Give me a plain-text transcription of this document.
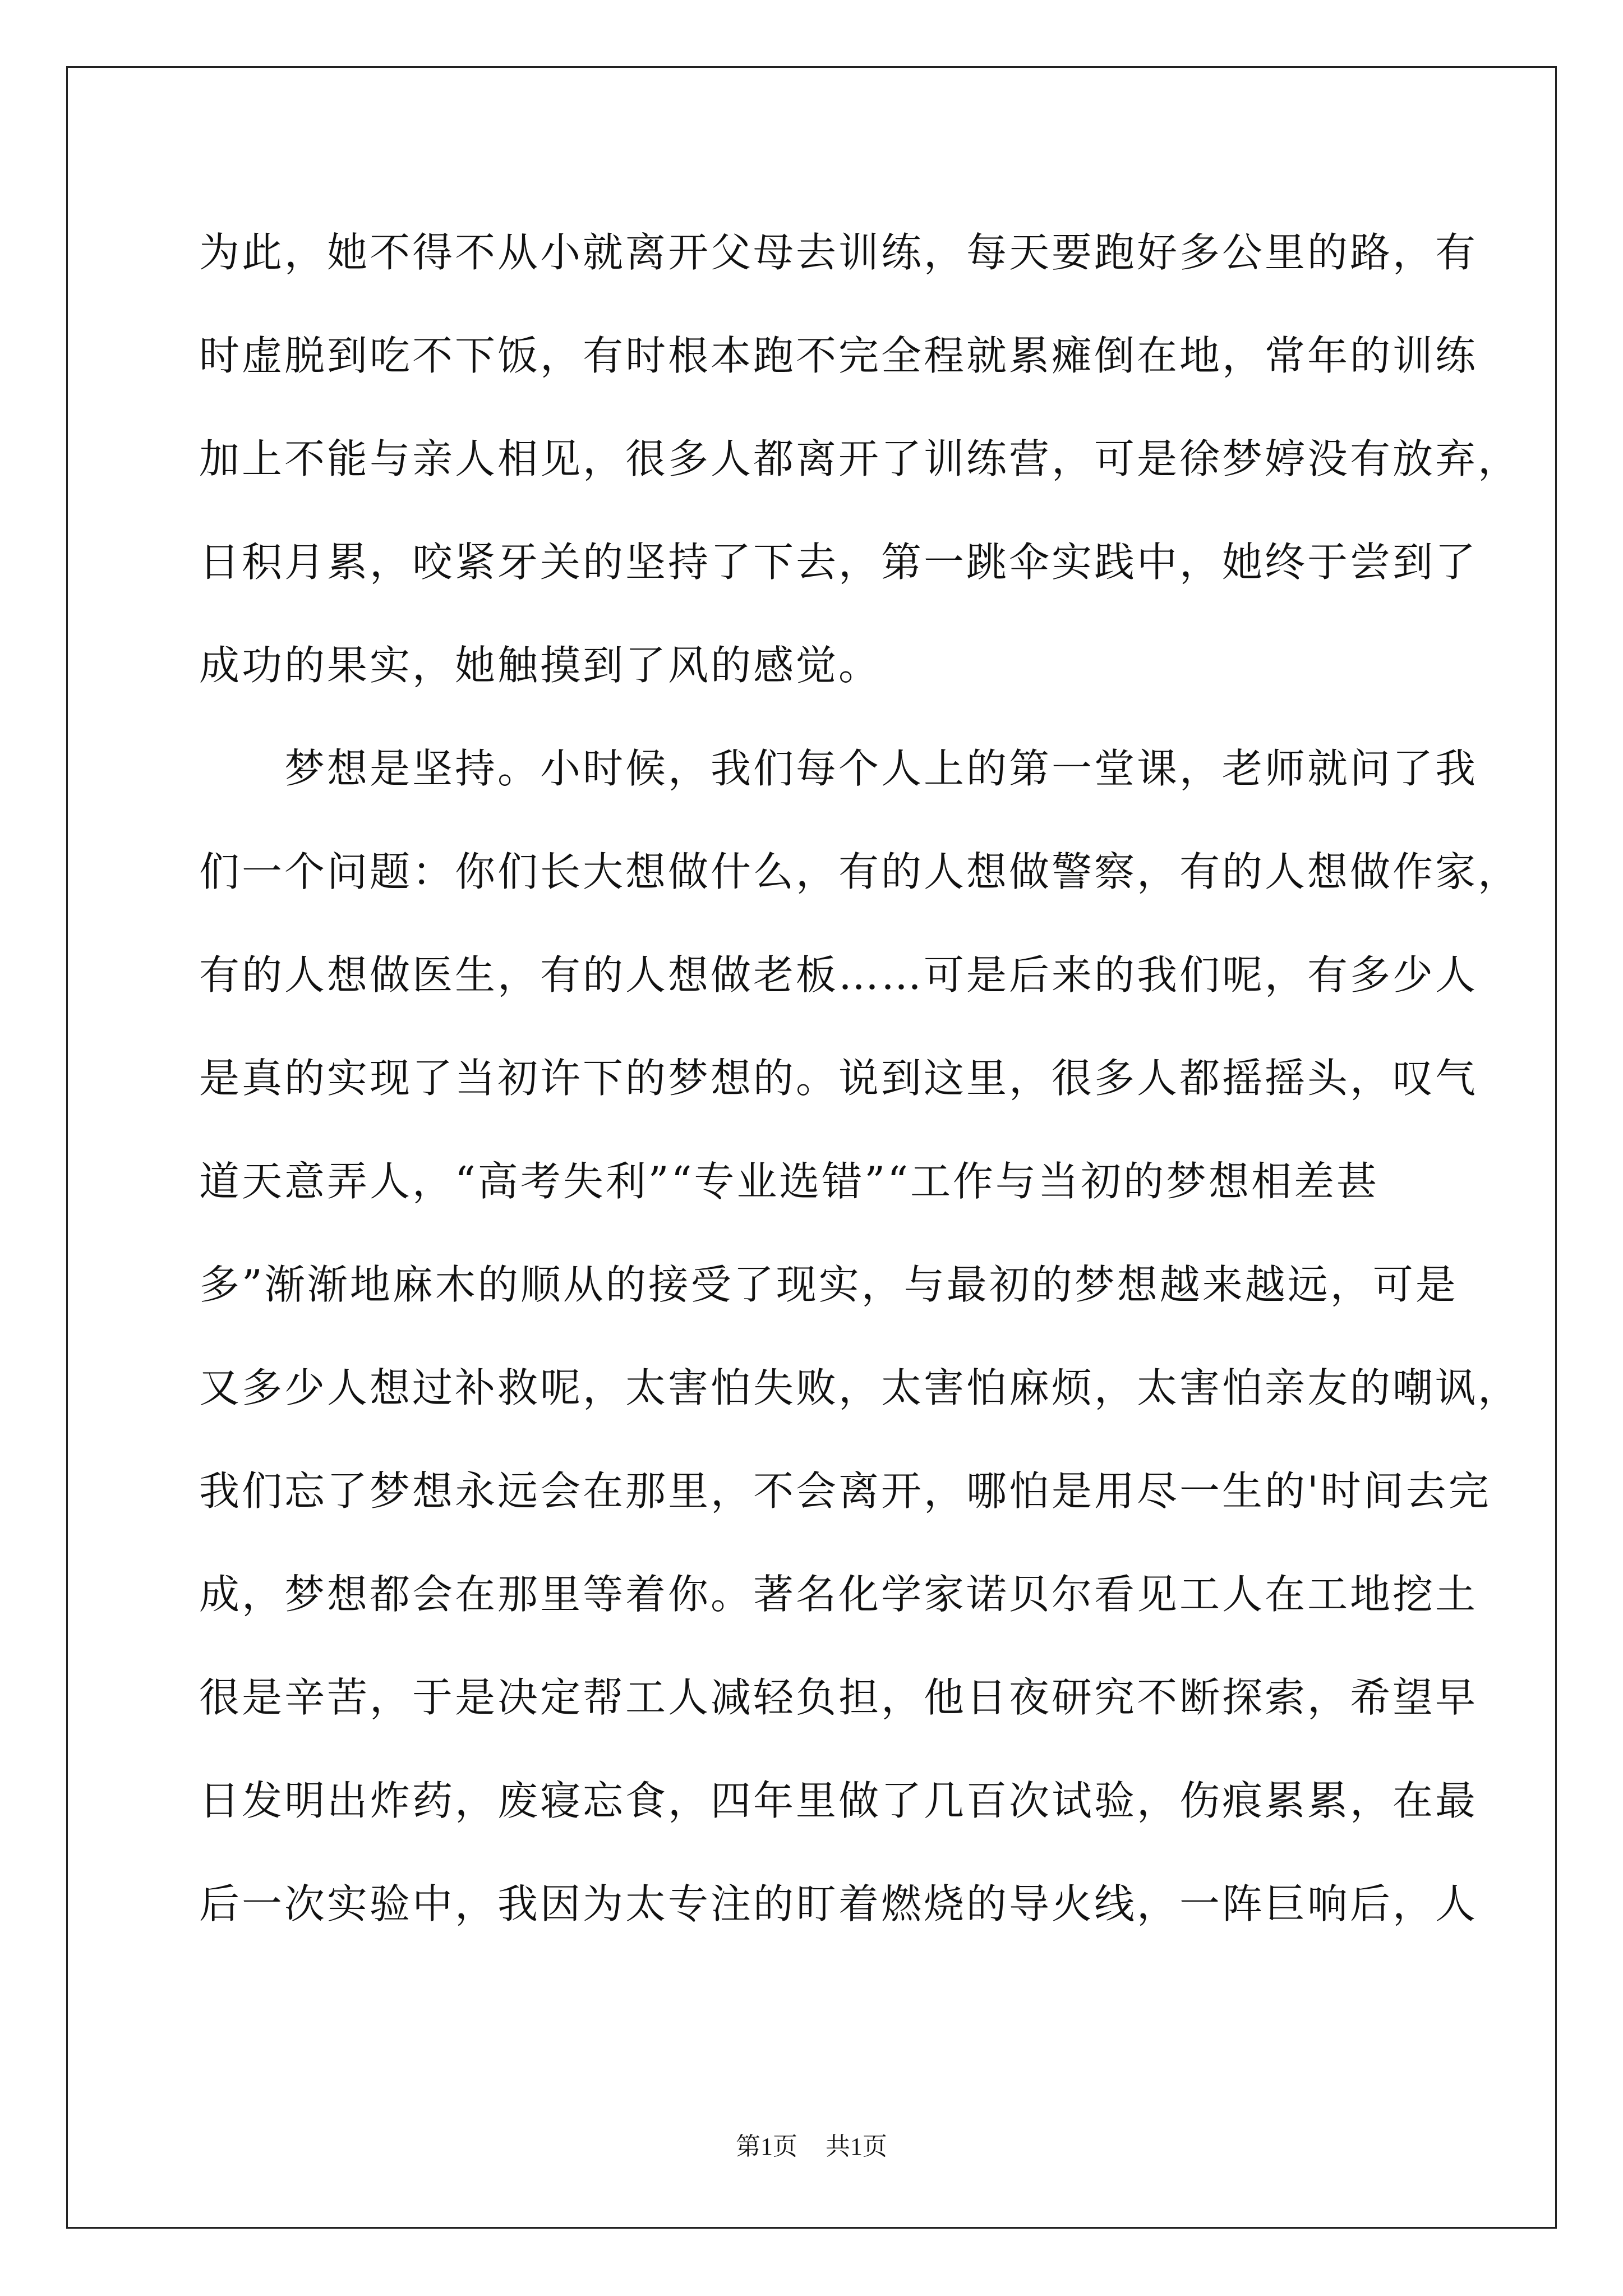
为此，她不得不从小就离开父母去训练，每天要跑好多公里的路，有
时虚脱到吃不下饭，有时根本跑不完全程就累瘫倒在地，常年的训练
加上不能与亲人相见，很多人都离开了训练营，可是徐梦婷没有放弃，
日积月累，咬紧牙关的坚持了下去，第一跳伞实践中，她终于尝到了
成功的果实，她触摸到了风的感觉。
　　梦想是坚持。小时候，我们每个人上的第一堂课，老师就问了我
们一个问题：你们长大想做什么，有的人想做警察，有的人想做作家，
有的人想做医生，有的人想做老板……可是后来的我们呢，有多少人
是真的实现了当初许下的梦想的。说到这里，很多人都摇摇头，叹气
道天意弄人，“高考失利”“专业选错”“工作与当初的梦想相差甚
多”渐渐地麻木的顺从的接受了现实，与最初的梦想越来越远，可是
又多少人想过补救呢，太害怕失败，太害怕麻烦，太害怕亲友的嘲讽，
我们忘了梦想永远会在那里，不会离开，哪怕是用尽一生的'时间去完
成，梦想都会在那里等着你。著名化学家诺贝尔看见工人在工地挖土
很是辛苦，于是决定帮工人减轻负担，他日夜研究不断探索，希望早
日发明出炸药，废寝忘食，四年里做了几百次试验，伤痕累累，在最
后一次实验中，我因为太专注的盯着燃烧的导火线，一阵巨响后，人
第1页 共1页
